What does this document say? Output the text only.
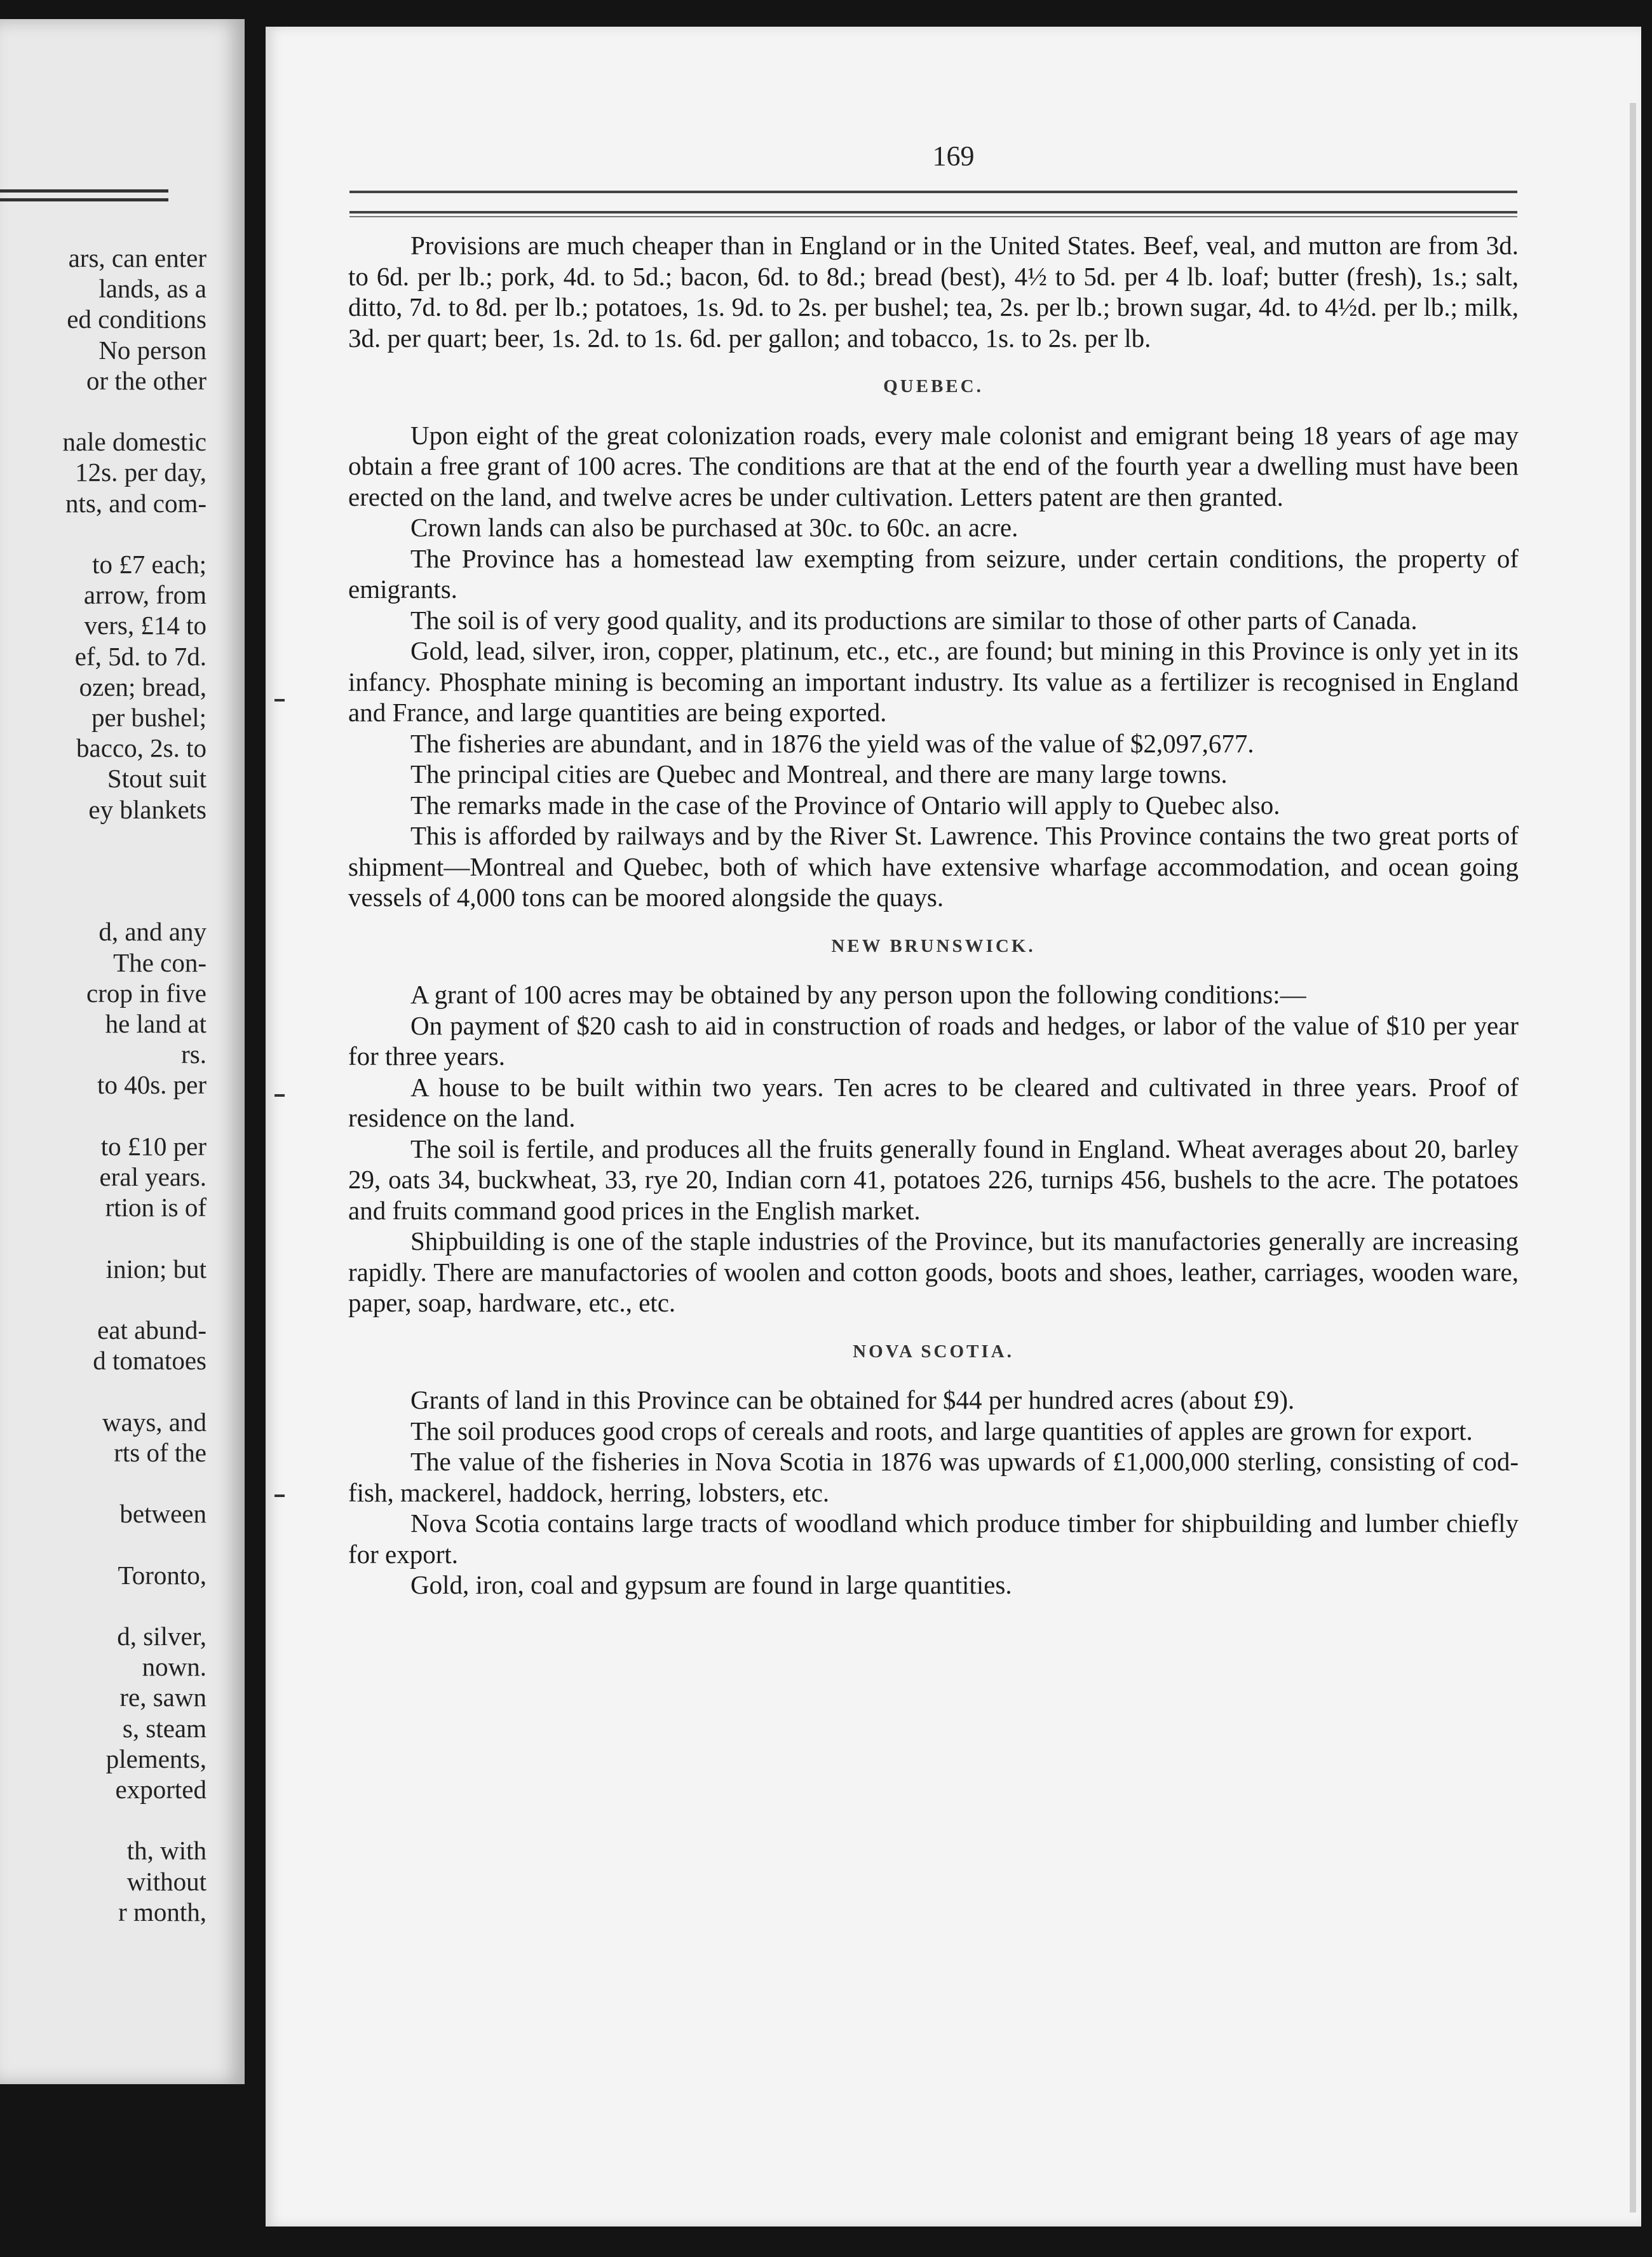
ars, can enter
lands, as a
ed conditions
No person
or the other
nale domestic
12s. per day,
nts, and com-
to £7 each;
arrow, from
vers, £14 to
ef, 5d. to 7d.
ozen; bread,
per bushel;
bacco, 2s. to
Stout suit
ey blankets
d, and any
The con-
crop in five
he land at
rs.
to 40s. per
to £10 per
eral years.
rtion is of
inion; but
eat abund-
d tomatoes
ways, and
rts of the
between
Toronto,
d, silver,
nown.
re, sawn
s, steam
plements,
exported
th, with
without
r month,
169

Provisions are much cheaper than in England or in the United States. Beef, veal, and mutton are from 3d. to 6d. per lb.; pork, 4d. to 5d.; bacon, 6d. to 8d.; bread (best), 4½ to 5d. per 4 lb. loaf; butter (fresh), 1s.; salt, ditto, 7d. to 8d. per lb.; potatoes, 1s. 9d. to 2s. per bushel; tea, 2s. per lb.; brown sugar, 4d. to 4½d. per lb.; milk, 3d. per quart; beer, 1s. 2d. to 1s. 6d. per gallon; and tobacco, 1s. to 2s. per lb.

QUEBEC.

Upon eight of the great colonization roads, every male colonist and emigrant being 18 years of age may obtain a free grant of 100 acres. The conditions are that at the end of the fourth year a dwelling must have been erected on the land, and twelve acres be under cultivation. Letters patent are then granted.

Crown lands can also be purchased at 30c. to 60c. an acre.

The Province has a homestead law exempting from seizure, under certain conditions, the property of emigrants.

The soil is of very good quality, and its productions are similar to those of other parts of Canada.

Gold, lead, silver, iron, copper, platinum, etc., etc., are found; but mining in this Province is only yet in its infancy. Phosphate mining is becoming an important industry. Its value as a fertilizer is recognised in England and France, and large quantities are being exported.

The fisheries are abundant, and in 1876 the yield was of the value of $2,097,677.

The principal cities are Quebec and Montreal, and there are many large towns.

The remarks made in the case of the Province of Ontario will apply to Quebec also.

This is afforded by railways and by the River St. Lawrence. This Province contains the two great ports of shipment—Montreal and Quebec, both of which have extensive wharfage accommodation, and ocean going vessels of 4,000 tons can be moored alongside the quays.

NEW BRUNSWICK.

A grant of 100 acres may be obtained by any person upon the following conditions:—

On payment of $20 cash to aid in construction of roads and hedges, or labor of the value of $10 per year for three years.

A house to be built within two years. Ten acres to be cleared and cultivated in three years. Proof of residence on the land.

The soil is fertile, and produces all the fruits generally found in England. Wheat averages about 20, barley 29, oats 34, buckwheat, 33, rye 20, Indian corn 41, potatoes 226, turnips 456, bushels to the acre. The potatoes and fruits command good prices in the English market.

Shipbuilding is one of the staple industries of the Province, but its manufactories generally are increasing rapidly. There are manufactories of woolen and cotton goods, boots and shoes, leather, carriages, wooden ware, paper, soap, hardware, etc., etc.

NOVA SCOTIA.

Grants of land in this Province can be obtained for $44 per hundred acres (about £9).

The soil produces good crops of cereals and roots, and large quantities of apples are grown for export.

The value of the fisheries in Nova Scotia in 1876 was upwards of £1,000,000 sterling, consisting of cod-fish, mackerel, haddock, herring, lobsters, etc.

Nova Scotia contains large tracts of woodland which produce timber for shipbuilding and lumber chiefly for export.

Gold, iron, coal and gypsum are found in large quantities.
